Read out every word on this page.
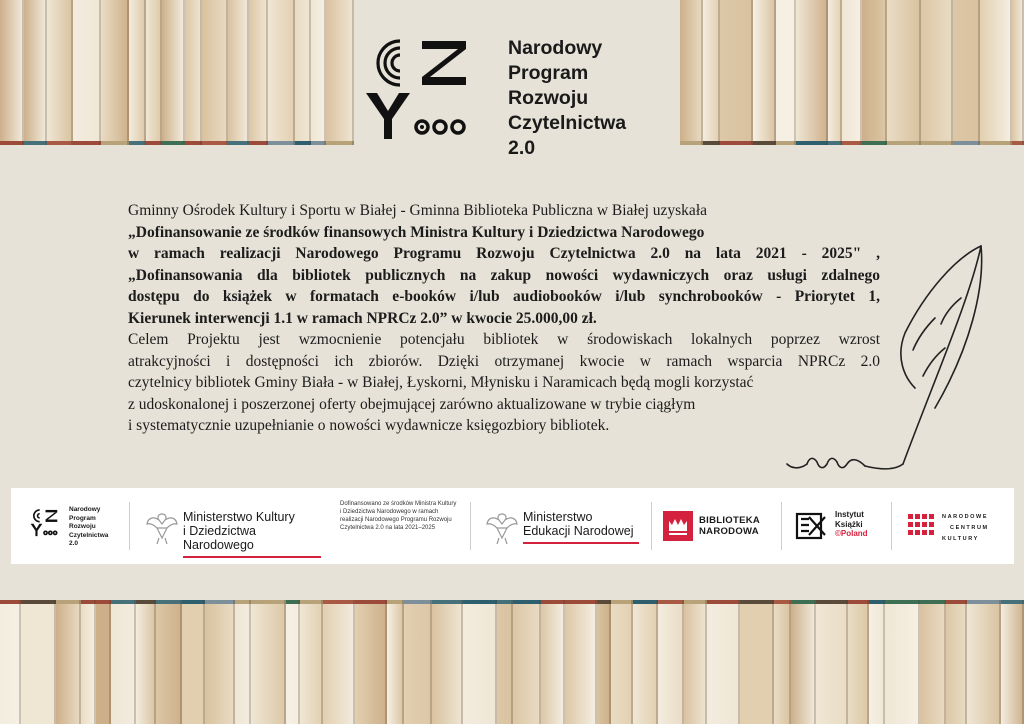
Narodowy
Program
Rozwoju
Czytelnictwa
2.0

Gminny Ośrodek Kultury i Sportu w Białej - Gminna Biblioteka Publiczna w Białej uzyskała

„Dofinansowanie ze środków finansowych Ministra Kultury i Dziedzictwa Narodowego

w ramach realizacji Narodowego Programu Rozwoju Czytelnictwa 2.0 na lata 2021 - 2025" ,

„Dofinansowania dla bibliotek publicznych na zakup nowości wydawniczych oraz usługi zdalnego

dostępu do książek w formatach e-booków i/lub audiobooków i/lub synchrobooków - Priorytet 1,

Kierunek interwencji 1.1 w ramach NPRCz 2.0” w kwocie 25.000,00 zł.

Celem Projektu jest wzmocnienie potencjału bibliotek w środowiskach lokalnych poprzez wzrost

atrakcyjności i dostępności ich zbiorów. Dzięki otrzymanej kwocie w ramach wsparcia NPRCz 2.0

czytelnicy bibliotek Gminy Biała - w Białej, Łyskorni, Młynisku i Naramicach będą mogli korzystać

z udoskonalonej i poszerzonej oferty obejmującej zarówno aktualizowane w trybie ciągłym

i systematycznie uzupełnianie o nowości wydawnicze księgozbiory bibliotek.

Narodowy
Program
Rozwoju
Czytelnictwa
2.0
Ministerstwo Kultury
i Dziedzictwa Narodowego
Dofinansowano ze środków Ministra Kultury
i Dziedzictwa Narodowego w ramach
realizacji Narodowego Programu Rozwoju
Czytelnictwa 2.0 na lata 2021–2025
Ministerstwo
Edukacji Narodowej
BIBLIOTEKA
NARODOWA
Instytut
Książki
©Poland
NARODOWE
CENTRUM
KULTURY
